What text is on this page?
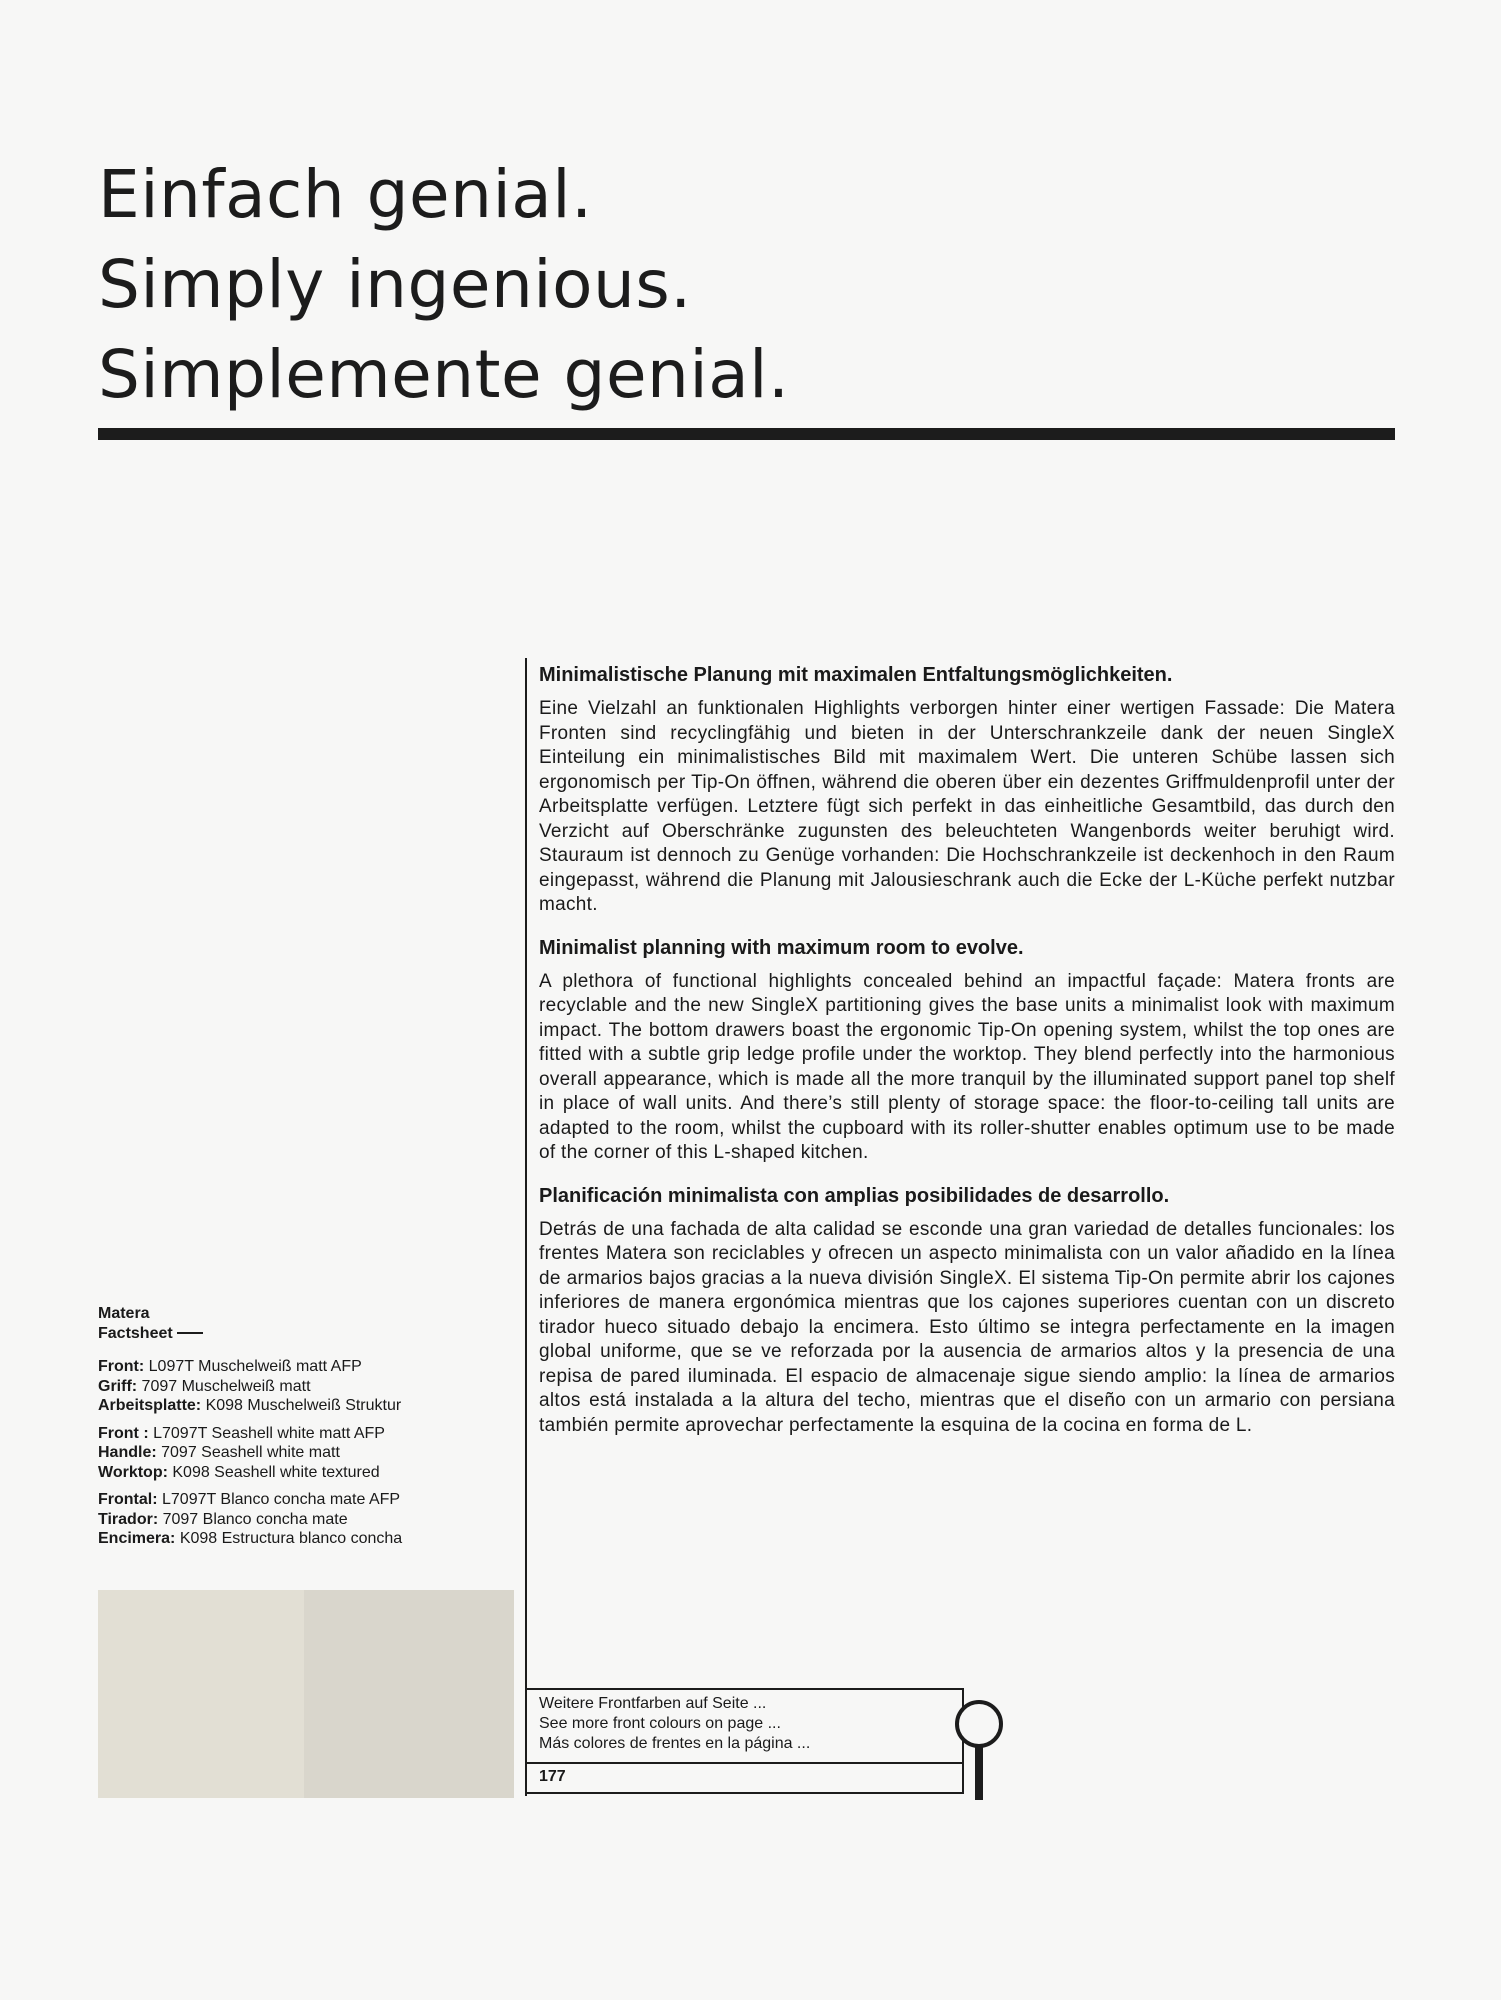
Einfach genial.
Simply ingenious.
Simplemente genial.
Minimalistische Planung mit maximalen Entfaltungsmöglichkeiten.

Eine Vielzahl an funktionalen Highlights verborgen hinter einer wertigen Fassade: Die Matera Fronten sind recyclingfähig und bieten in der Unterschrankzeile dank der neuen SingleX Einteilung ein minimalistisches Bild mit maximalem Wert. Die unteren Schübe lassen sich ergonomisch per Tip-On öffnen, während die oberen über ein dezentes Griffmuldenprofil unter der Arbeitsplatte verfügen. Letztere fügt sich perfekt in das einheitliche Gesamtbild, das durch den Verzicht auf Oberschränke zugunsten des beleuchteten Wangenbords weiter beruhigt wird. Stauraum ist dennoch zu Genüge vorhanden: Die Hochschrankzeile ist deckenhoch in den Raum eingepasst, während die Planung mit Jalousieschrank auch die Ecke der L-Küche perfekt nutzbar macht.

Minimalist planning with maximum room to evolve.

A plethora of functional highlights concealed behind an impactful façade: Matera fronts are recyclable and the new SingleX partitioning gives the base units a minimalist look with maximum impact. The bottom drawers boast the ergonomic Tip-On opening system, whilst the top ones are fitted with a subtle grip ledge profile under the worktop. They blend perfectly into the harmonious overall appearance, which is made all the more tranquil by the illuminated support panel top shelf in place of wall units. And there’s still plenty of storage space: the floor-to-ceiling tall units are adapted to the room, whilst the cupboard with its roller-shutter enables optimum use to be made of the corner of this L-shaped kitchen.

Planificación minimalista con amplias posibilidades de desarrollo.

Detrás de una fachada de alta calidad se esconde una gran variedad de detalles funcionales: los frentes Matera son reciclables y ofrecen un aspecto minimalista con un valor añadido en la línea de armarios bajos gracias a la nueva división SingleX. El sistema Tip-On permite abrir los cajones inferiores de manera ergonómica mientras que los cajones superiores cuentan con un discreto tirador hueco situado debajo la encimera. Esto último se integra perfectamente en la imagen global uniforme, que se ve reforzada por la ausencia de armarios altos y la presencia de una repisa de pared iluminada. El espacio de almacenaje sigue siendo amplio: la línea de armarios altos está instalada a la altura del techo, mientras que el diseño con un armario con persiana también permite aprovechar perfectamente la esquina de la cocina en forma de L.

Matera
Factsheet
Front: L097T Muschelweiß matt AFP
Griff: 7097 Muschelweiß matt
Arbeitsplatte: K098 Muschelweiß Struktur
Front : L7097T Seashell white matt AFP
Handle: 7097 Seashell white matt
Worktop: K098 Seashell white textured
Frontal: L7097T Blanco concha mate AFP
Tirador: 7097 Blanco concha mate
Encimera: K098 Estructura blanco concha
Weitere Frontfarben auf Seite ...
See more front colours on page ...
Más colores de frentes en la página ...
177
